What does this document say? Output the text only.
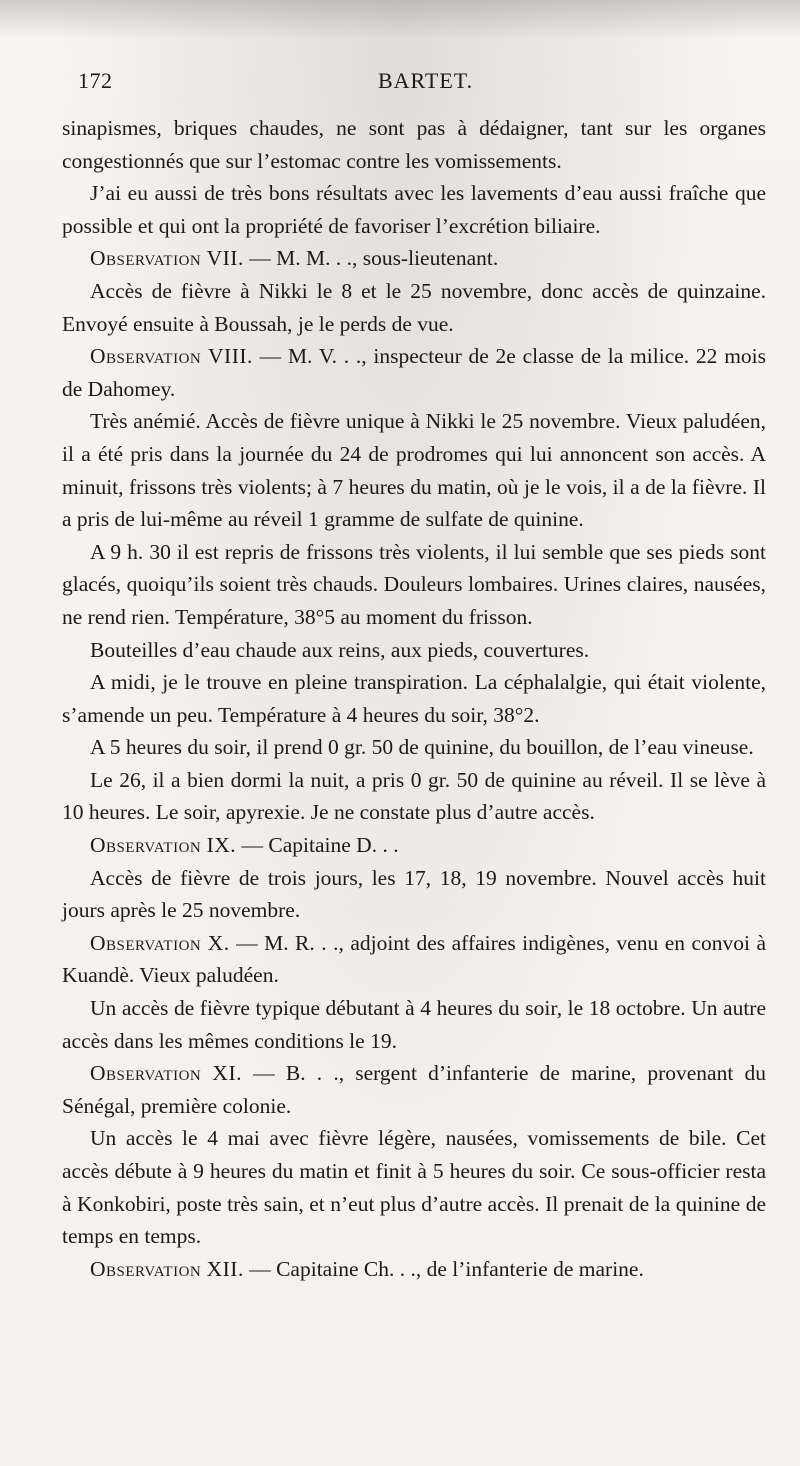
172	BARTET.

sinapismes, briques chaudes, ne sont pas à dédaigner, tant sur les organes congestionnés que sur l’estomac contre les vomissements.

J’ai eu aussi de très bons résultats avec les lavements d’eau aussi fraîche que possible et qui ont la propriété de favoriser l’excrétion biliaire.

Observation VII. — M. M. . ., sous-lieutenant.

Accès de fièvre à Nikki le 8 et le 25 novembre, donc accès de quinzaine. Envoyé ensuite à Boussah, je le perds de vue.

Observation VIII. — M. V. . ., inspecteur de 2e classe de la milice. 22 mois de Dahomey.

Très anémié. Accès de fièvre unique à Nikki le 25 novembre. Vieux paludéen, il a été pris dans la journée du 24 de prodromes qui lui annoncent son accès. A minuit, frissons très violents; à 7 heures du matin, où je le vois, il a de la fièvre. Il a pris de lui-même au réveil 1 gramme de sulfate de quinine.

A 9 h. 30 il est repris de frissons très violents, il lui semble que ses pieds sont glacés, quoiqu’ils soient très chauds. Douleurs lombaires. Urines claires, nausées, ne rend rien. Température, 38°5 au moment du frisson.

Bouteilles d’eau chaude aux reins, aux pieds, couvertures.

A midi, je le trouve en pleine transpiration. La céphalalgie, qui était violente, s’amende un peu. Température à 4 heures du soir, 38°2.

A 5 heures du soir, il prend 0 gr. 50 de quinine, du bouillon, de l’eau vineuse.

Le 26, il a bien dormi la nuit, a pris 0 gr. 50 de quinine au réveil. Il se lève à 10 heures. Le soir, apyrexie. Je ne constate plus d’autre accès.

Observation IX. — Capitaine D. . .

Accès de fièvre de trois jours, les 17, 18, 19 novembre. Nouvel accès huit jours après le 25 novembre.

Observation X. — M. R. . ., adjoint des affaires indigènes, venu en convoi à Kuandè. Vieux paludéen.

Un accès de fièvre typique débutant à 4 heures du soir, le 18 octobre. Un autre accès dans les mêmes conditions le 19.

Observation XI. — B. . ., sergent d’infanterie de marine, provenant du Sénégal, première colonie.

Un accès le 4 mai avec fièvre légère, nausées, vomissements de bile. Cet accès débute à 9 heures du matin et finit à 5 heures du soir. Ce sous-officier resta à Konkobiri, poste très sain, et n’eut plus d’autre accès. Il prenait de la quinine de temps en temps.

Observation XII. — Capitaine Ch. . ., de l’infanterie de marine.
